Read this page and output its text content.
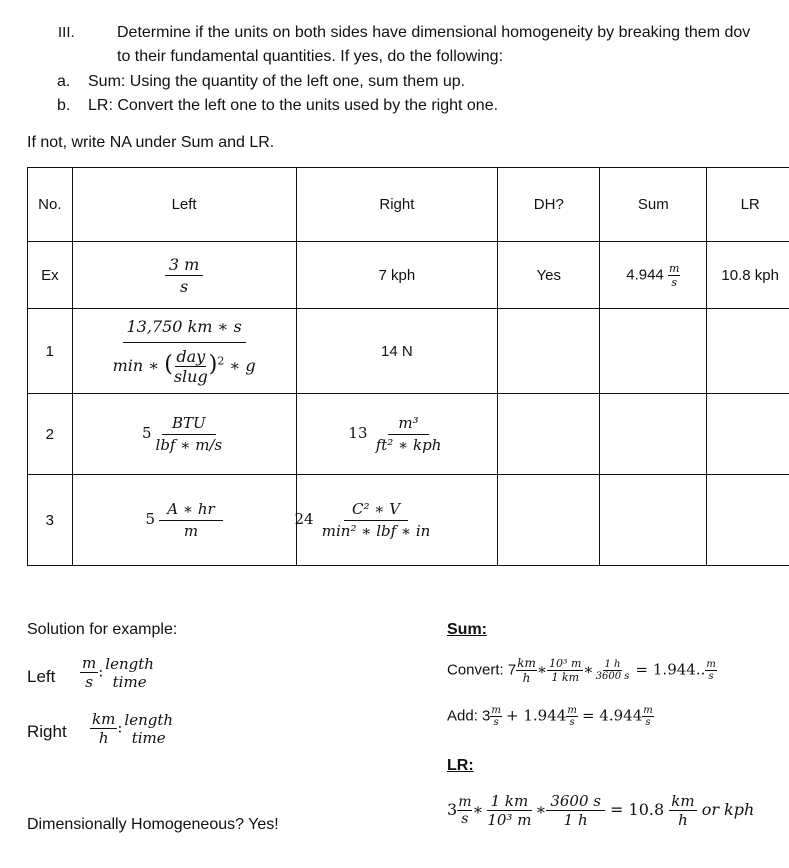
III.	Determine if the units on both sides have dimensional homogeneity by breaking them dov
to their fundamental quantities. If yes, do the following:
a. Sum: Using the quantity of the left one, sum them up.
b. LR: Convert the left one to the units used by the right one.
If not, write NA under Sum and LR.
No.	Left	Right	DH?	Sum	LR
Ex	$\frac{3 m}{s}$	7 kph	Yes	$4.944 \frac{m}{s}$	10.8 kph
1	$\frac{13,750 km ∗ s}{\min ∗ ( \frac{\text{day}}{\text{slug}} )^2 ∗ g}$	14 N			
2	$5 \frac{\text{BTU}}{\text{lbf ∗ m/s}}$	$13 \frac{\text{m³}}{\text{ft² ∗ kph}}$

3	$5 \frac{A ∗ hr}{m}$	$24 \frac{\text{C² ∗ V}}{\text{min² ∗ lbf ∗ in}}$

Solution for example:
Left $\frac{m}{s}$ : length
time
Right $\frac{km}{h}$ : length
time
Dimensionally Homogeneous? Yes!
Sum:
Convert: $7 \frac{km}{h}$ ∗ $\frac{\text{10³ m}}{1 km}$ ∗ $\frac{1 h}{3600 s} = 1.944$.. $\frac{m}{s}$
Add: $3 \frac{m}{s} + 1.944 \frac{m}{s} = 4.944 \frac{m}{s}$
LR:
$3 \frac{m}{s}$ ∗ $\frac{1 km}{\text{10³ m}}$ ∗ $\frac{3600 s}{1 h} = 10.8 \frac{km}{h}$ or kph
